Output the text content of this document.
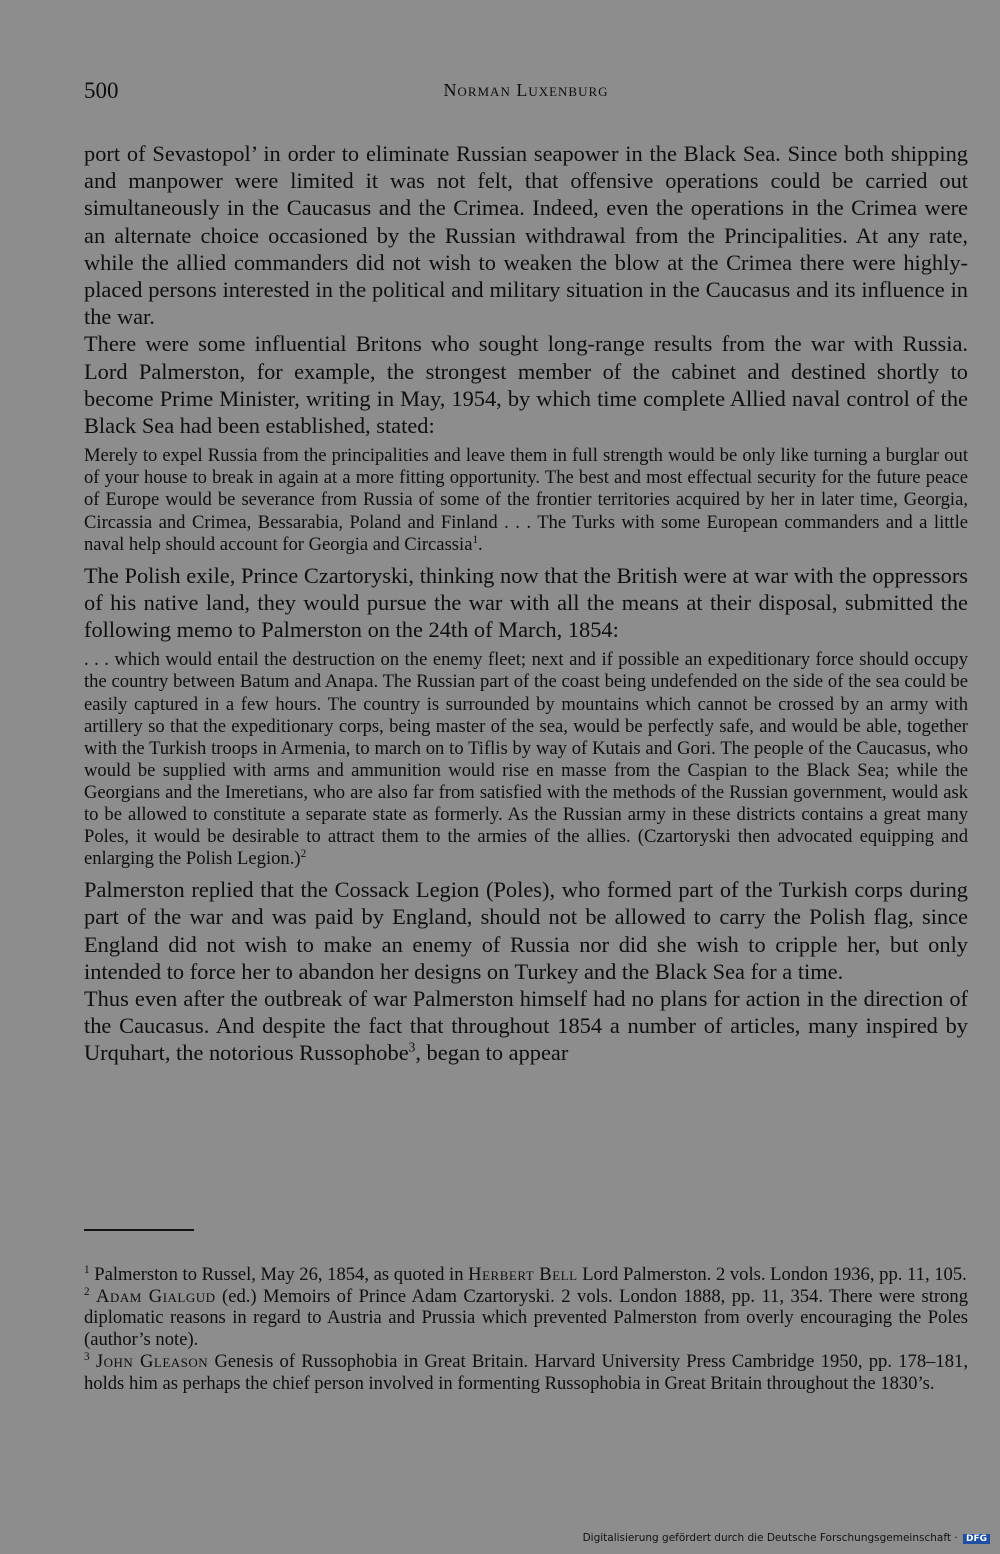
500	Norman Luxenburg

port of Sevastopol’ in order to eliminate Russian seapower in the Black Sea. Since both shipping and manpower were limited it was not felt, that offensive operations could be carried out simultaneously in the Caucasus and the Crimea. Indeed, even the operations in the Crimea were an alternate choice occasioned by the Russian withdrawal from the Principalities. At any rate, while the allied commanders did not wish to weaken the blow at the Crimea there were highly-placed persons interested in the political and military situation in the Caucasus and its influence in the war.

There were some influential Britons who sought long-range results from the war with Russia. Lord Palmerston, for example, the strongest member of the cabinet and destined shortly to become Prime Minister, writing in May, 1954, by which time complete Allied naval control of the Black Sea had been established, stated:

Merely to expel Russia from the principalities and leave them in full strength would be only like turning a burglar out of your house to break in again at a more fitting opportunity. The best and most effectual security for the future peace of Europe would be severance from Russia of some of the frontier territories acquired by her in later time, Georgia, Circassia and Crimea, Bessarabia, Poland and Finland . . . The Turks with some European commanders and a little naval help should account for Georgia and Circassia$^1$.

The Polish exile, Prince Czartoryski, thinking now that the British were at war with the oppressors of his native land, they would pursue the war with all the means at their disposal, submitted the following memo to Palmerston on the 24th of March, 1854:

. . . which would entail the destruction on the enemy fleet; next and if possible an expeditionary force should occupy the country between Batum and Anapa. The Russian part of the coast being undefended on the side of the sea could be easily captured in a few hours. The country is surrounded by mountains which cannot be crossed by an army with artillery so that the expeditionary corps, being master of the sea, would be perfectly safe, and would be able, together with the Turkish troops in Armenia, to march on to Tiflis by way of Kutais and Gori. The people of the Caucasus, who would be supplied with arms and ammunition would rise en masse from the Caspian to the Black Sea; while the Georgians and the Imeretians, who are also far from satisfied with the methods of the Russian government, would ask to be allowed to constitute a separate state as formerly. As the Russian army in these districts contains a great many Poles, it would be desirable to attract them to the armies of the allies. (Czartoryski then advocated equipping and enlarging the Polish Legion.)$^2$

Palmerston replied that the Cossack Legion (Poles), who formed part of the Turkish corps during part of the war and was paid by England, should not be allowed to carry the Polish flag, since England did not wish to make an enemy of Russia nor did she wish to cripple her, but only intended to force her to abandon her designs on Turkey and the Black Sea for a time.

Thus even after the outbreak of war Palmerston himself had no plans for action in the direction of the Caucasus. And despite the fact that throughout 1854 a number of articles, many inspired by Urquhart, the notorious Russophobe$^3$, began to appear

$^1$ Palmerston to Russel, May 26, 1854, as quoted in Herbert Bell Lord Palmerston. 2 vols. London 1936, pp. 11, 105.

$^2$ Adam Gialgud (ed.) Memoirs of Prince Adam Czartoryski. 2 vols. London 1888, pp. 11, 354. There were strong diplomatic reasons in regard to Austria and Prussia which prevented Palmerston from overly encouraging the Poles (author’s note).

$^3$ John Gleason Genesis of Russophobia in Great Britain. Harvard University Press Cambridge 1950, pp. 178–181, holds him as perhaps the chief person involved in formenting Russophobia in Great Britain throughout the 1830’s.

Digitalisierung gefördert durch die Deutsche Forschungsgemeinschaft · DFG
